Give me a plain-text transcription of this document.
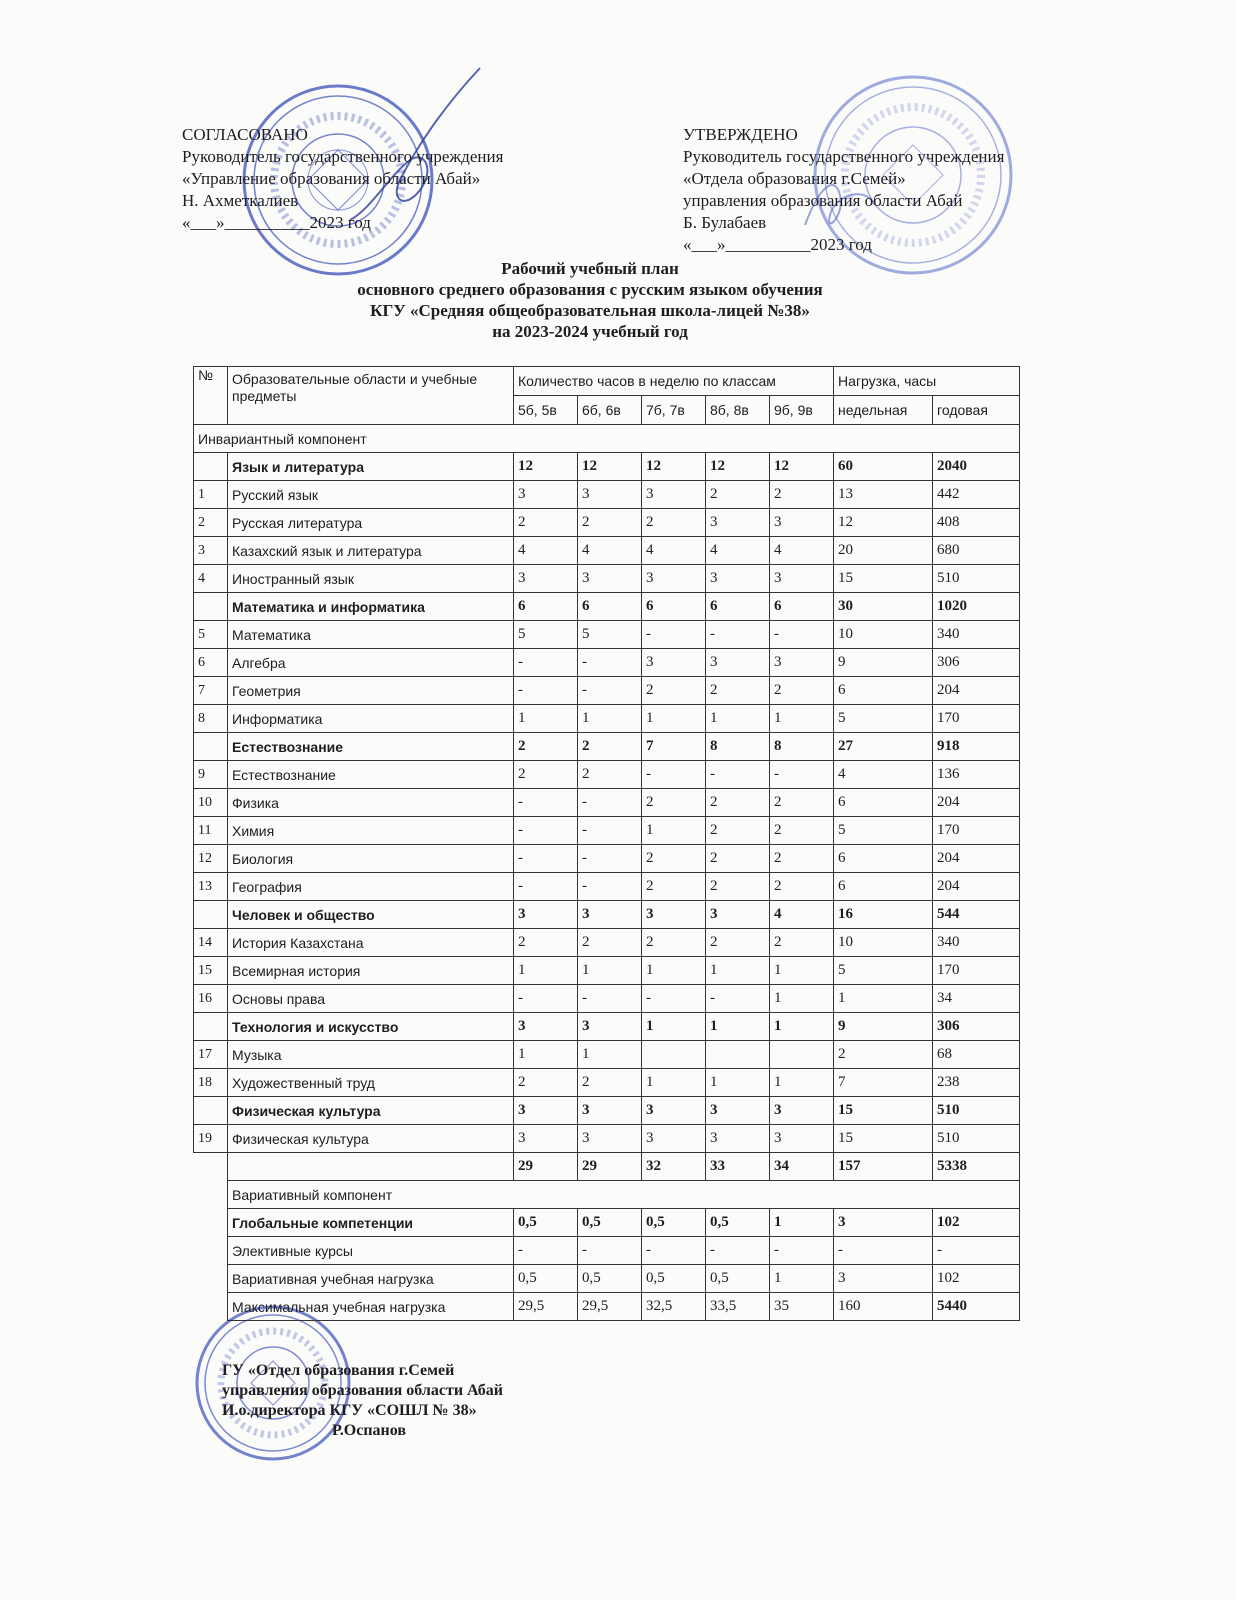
СОГЛАСОВАНО
Руководитель государственного учреждения
«Управление образования области Абай»
Н. Ахметкалиев
«___»__________2023 год
УТВЕРЖДЕНО
Руководитель государственного учреждения
«Отдела образования г.Семей»
управления образования области Абай
Б. Булабаев
«___»__________2023 год
Рабочий учебный план
основного среднего образования с русским языком обучения
КГУ «Средняя общеобразовательная школа-лицей №38»
на 2023-2024 учебный год
№	Образовательные области и учебные предметы	Количество часов в неделю по классам					Нагрузка, часы	
		5б, 5в	6б, 6в	7б, 7в	8б, 8в	9б, 9в	недельная	годовая
Инвариантный компонент								
	Язык и литература	12	12	12	12	12	60	2040
1	Русский язык	3	3	3	2	2	13	442
2	Русская литература	2	2	2	3	3	12	408
3	Казахский язык и литература	4	4	4	4	4	20	680
4	Иностранный язык	3	3	3	3	3	15	510
	Математика и информатика	6	6	6	6	6	30	1020
5	Математика	5	5	-	-	-	10	340
6	Алгебра	-	-	3	3	3	9	306
7	Геометрия	-	-	2	2	2	6	204
8	Информатика	1	1	1	1	1	5	170
	Естествознание	2	2	7	8	8	27	918
9	Естествознание	2	2	-	-	-	4	136
10	Физика	-	-	2	2	2	6	204
11	Химия	-	-	1	2	2	5	170
12	Биология	-	-	2	2	2	6	204
13	География	-	-	2	2	2	6	204
	Человек и общество	3	3	3	3	4	16	544
14	История Казахстана	2	2	2	2	2	10	340
15	Всемирная история	1	1	1	1	1	5	170
16	Основы права	-	-	-	-	1	1	34
	Технология и искусство	3	3	1	1	1	9	306
17	Музыка	1	1				2	68
18	Художественный труд	2	2	1	1	1	7	238
	Физическая культура	3	3	3	3	3	15	510
19	Физическая культура	3	3	3	3	3	15	510
		29	29	32	33	34	157	5338
	Вариативный компонент							
	Глобальные компетенции	0,5	0,5	0,5	0,5	1	3	102
	Элективные курсы	-	-	-	-	-	-	-
	Вариативная учебная нагрузка	0,5	0,5	0,5	0,5	1	3	102
	Максимальная учебная нагрузка	29,5	29,5	32,5	33,5	35	160	5440
ГУ «Отдел образования г.Семей
управления образования области Абай
И.о.директора КГУ «СОШЛ № 38»
Р.Оспанов
